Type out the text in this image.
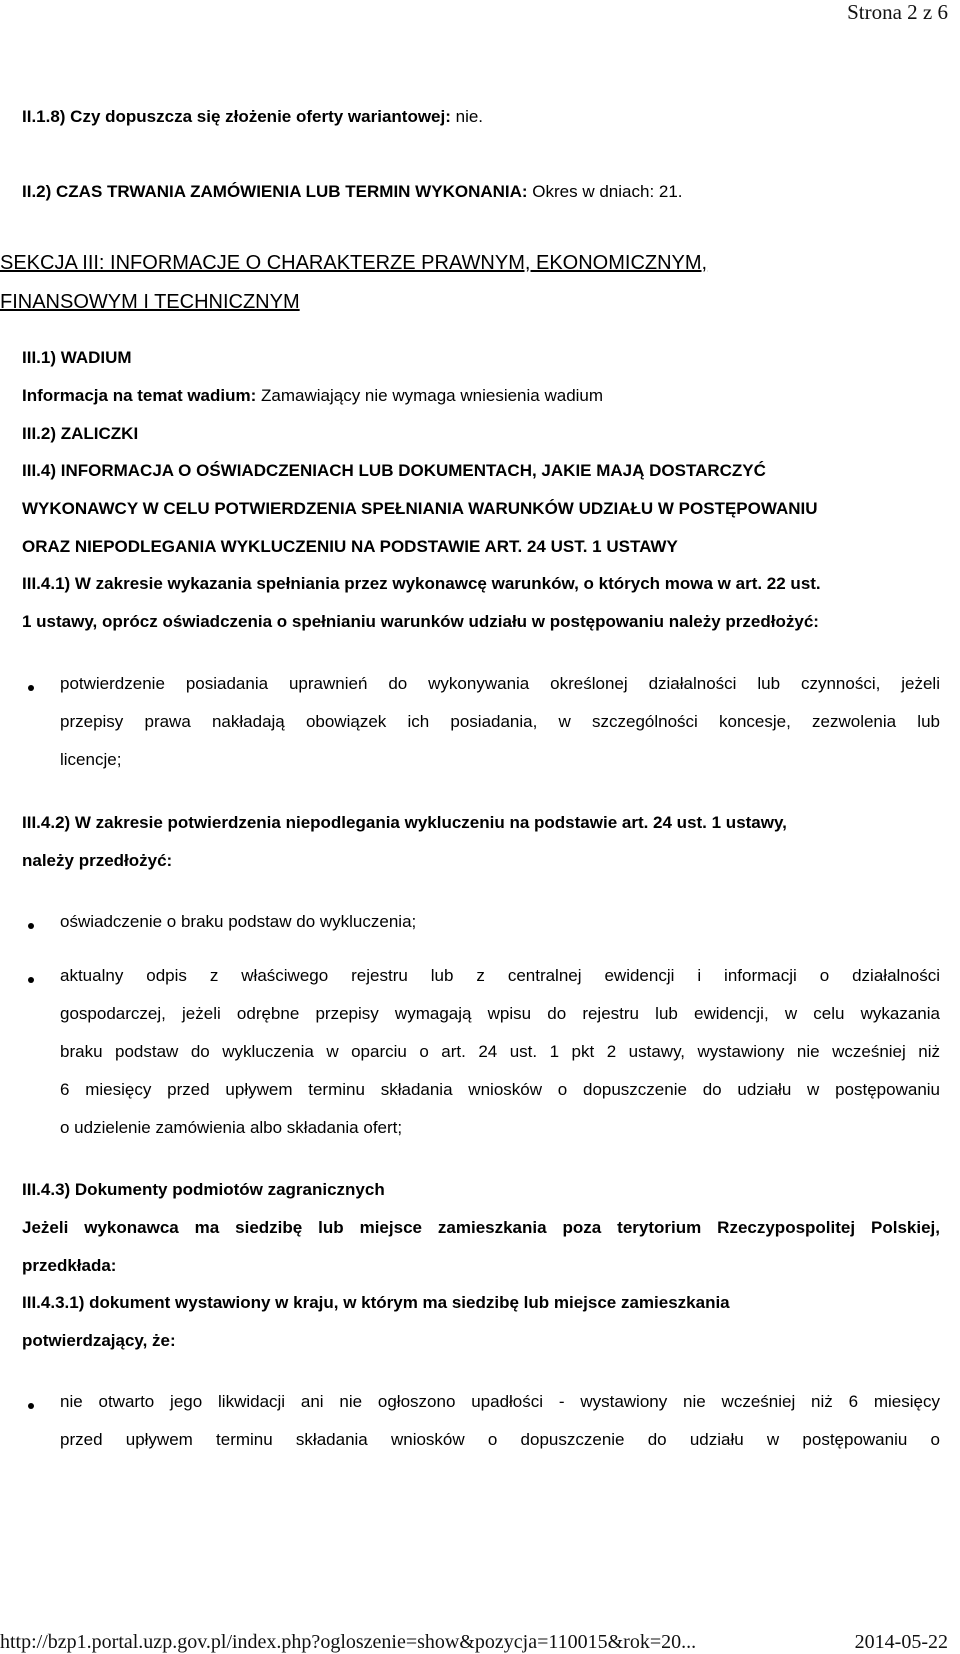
Strona 2 z 6
II.1.8) Czy dopuszcza się złożenie oferty wariantowej: nie.
II.2) CZAS TRWANIA ZAMÓWIENIA LUB TERMIN WYKONANIA: Okres w dniach: 21.
SEKCJA III: INFORMACJE O CHARAKTERZE PRAWNYM, EKONOMICZNYM,
FINANSOWYM I TECHNICZNYM
III.1) WADIUM
Informacja na temat wadium: Zamawiający nie wymaga wniesienia wadium
III.2) ZALICZKI
III.4) INFORMACJA O OŚWIADCZENIACH LUB DOKUMENTACH, JAKIE MAJĄ DOSTARCZYĆ
WYKONAWCY W CELU POTWIERDZENIA SPEŁNIANIA WARUNKÓW UDZIAŁU W POSTĘPOWANIU
ORAZ NIEPODLEGANIA WYKLUCZENIU NA PODSTAWIE ART. 24 UST. 1 USTAWY
III.4.1) W zakresie wykazania spełniania przez wykonawcę warunków, o których mowa w art. 22 ust.
1 ustawy, oprócz oświadczenia o spełnianiu warunków udziału w postępowaniu należy przedłożyć:
potwierdzenie posiadania uprawnień do wykonywania określonej działalności lub czynności, jeżeli
przepisy prawa nakładają obowiązek ich posiadania, w szczególności koncesje, zezwolenia lub
licencje;
III.4.2) W zakresie potwierdzenia niepodlegania wykluczeniu na podstawie art. 24 ust. 1 ustawy,
należy przedłożyć:
oświadczenie o braku podstaw do wykluczenia;
aktualny odpis z właściwego rejestru lub z centralnej ewidencji i informacji o działalności
gospodarczej, jeżeli odrębne przepisy wymagają wpisu do rejestru lub ewidencji, w celu wykazania
braku podstaw do wykluczenia w oparciu o art. 24 ust. 1 pkt 2 ustawy, wystawiony nie wcześniej niż
6 miesięcy przed upływem terminu składania wniosków o dopuszczenie do udziału w postępowaniu
o udzielenie zamówienia albo składania ofert;
III.4.3) Dokumenty podmiotów zagranicznych
Jeżeli wykonawca ma siedzibę lub miejsce zamieszkania poza terytorium Rzeczypospolitej Polskiej,
przedkłada:
III.4.3.1) dokument wystawiony w kraju, w którym ma siedzibę lub miejsce zamieszkania
potwierdzający, że:
nie otwarto jego likwidacji ani nie ogłoszono upadłości - wystawiony nie wcześniej niż 6 miesięcy
przed upływem terminu składania wniosków o dopuszczenie do udziału w postępowaniu o
http://bzp1.portal.uzp.gov.pl/index.php?ogloszenie=show&pozycja=110015&rok=20...	2014-05-22
